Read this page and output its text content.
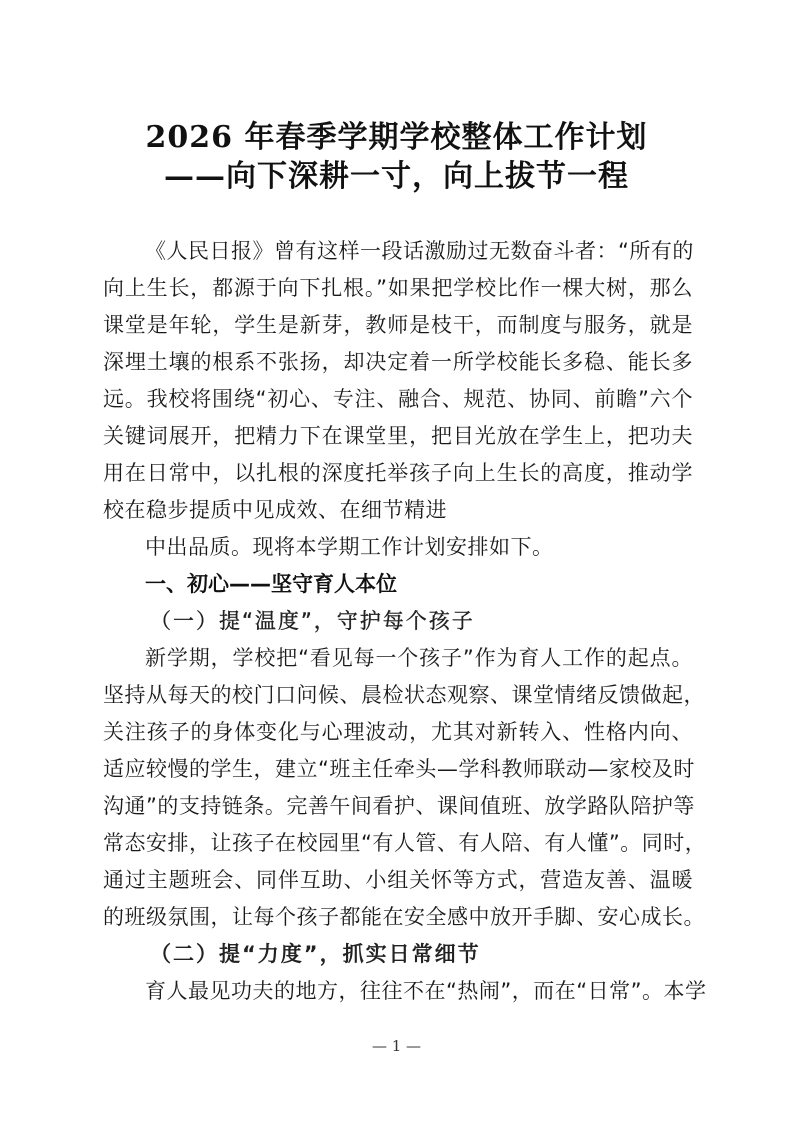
2026 年春季学期学校整体工作计划
——向下深耕一寸，向上拔节一程
《人民日报》曾有这样一段话激励过无数奋斗者：“所有的
向上生长，都源于向下扎根。”如果把学校比作一棵大树，那么
课堂是年轮，学生是新芽，教师是枝干，而制度与服务，就是
深埋土壤的根系不张扬，却决定着一所学校能长多稳、能长多
远。我校将围绕“初心、专注、融合、规范、协同、前瞻”六个
关键词展开，把精力下在课堂里，把目光放在学生上，把功夫
用在日常中，以扎根的深度托举孩子向上生长的高度，推动学
校在稳步提质中见成效、在细节精进
中出品质。现将本学期工作计划安排如下。
一、初心——坚守育人本位
（一）提“温度”，守护每个孩子
新学期，学校把“看见每一个孩子”作为育人工作的起点。
坚持从每天的校门口问候、晨检状态观察、课堂情绪反馈做起，
关注孩子的身体变化与心理波动，尤其对新转入、性格内向、
适应较慢的学生，建立“班主任牵头—学科教师联动—家校及时
沟通”的支持链条。完善午间看护、课间值班、放学路队陪护等
常态安排，让孩子在校园里“有人管、有人陪、有人懂”。同时，
通过主题班会、同伴互助、小组关怀等方式，营造友善、温暖
的班级氛围，让每个孩子都能在安全感中放开手脚、安心成长。
（二）提“力度”，抓实日常细节
育人最见功夫的地方，往往不在“热闹”，而在“日常”。本学
— 1 —
